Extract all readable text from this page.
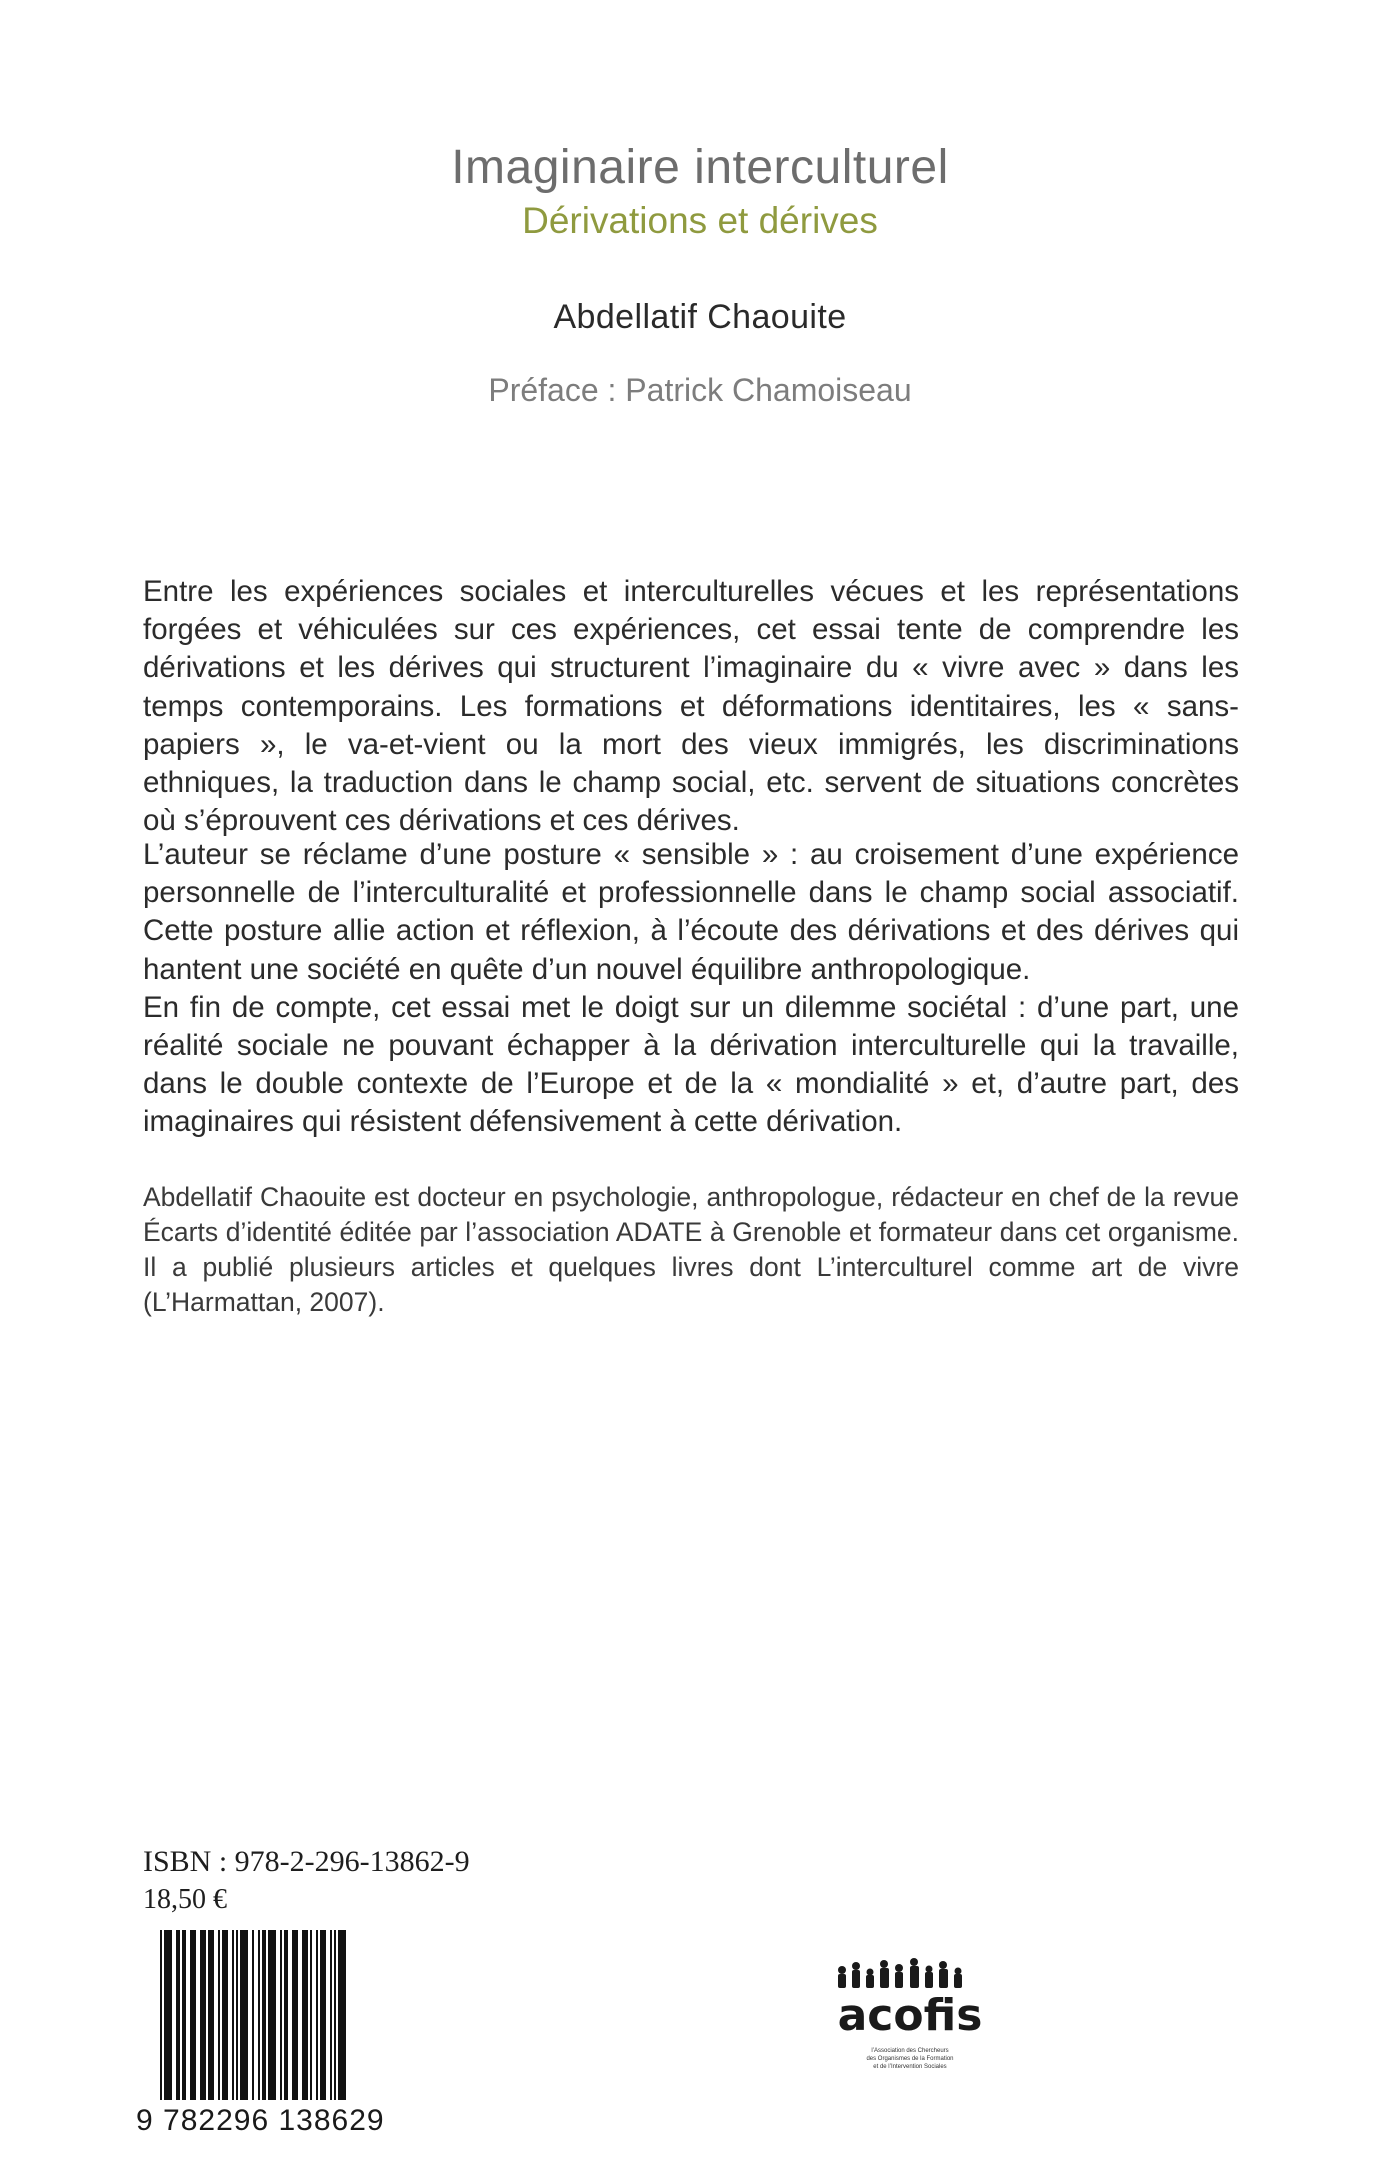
Imaginaire interculturel
Dérivations et dérives
Abdellatif Chaouite
Préface : Patrick Chamoiseau

Entre les expériences sociales et interculturelles vécues et les représentations forgées et véhiculées sur ces expériences, cet essai tente de comprendre les dérivations et les dérives qui structurent l’imaginaire du « vivre avec » dans les temps contemporains. Les formations et déformations identitaires, les « sans-papiers », le va-et-vient ou la mort des vieux immigrés, les discriminations ethniques, la traduction dans le champ social, etc. servent de situations concrètes où s’éprouvent ces dérivations et ces dérives.

L’auteur se réclame d’une posture « sensible » : au croisement d’une expérience personnelle de l’interculturalité et professionnelle dans le champ social associatif. Cette posture allie action et réflexion, à l’écoute des dérivations et des dérives qui hantent une société en quête d’un nouvel équilibre anthropologique.

En fin de compte, cet essai met le doigt sur un dilemme sociétal : d’une part, une réalité sociale ne pouvant échapper à la dérivation interculturelle qui la travaille, dans le double contexte de l’Europe et de la « mondialité » et, d’autre part, des imaginaires qui résistent défensivement à cette dérivation.

Abdellatif Chaouite est docteur en psychologie, anthropologue, rédacteur en chef de la revue Écarts d’identité éditée par l’association ADATE à Grenoble et formateur dans cet organisme. Il a publié plusieurs articles et quelques livres dont L’interculturel comme art de vivre (L’Harmattan, 2007).

ISBN : 978-2-296-13862-9
18,50 €
9 782296 138629
acofis
l’Association des Chercheurs des Organismes de la Formation et de l’Intervention Sociales
